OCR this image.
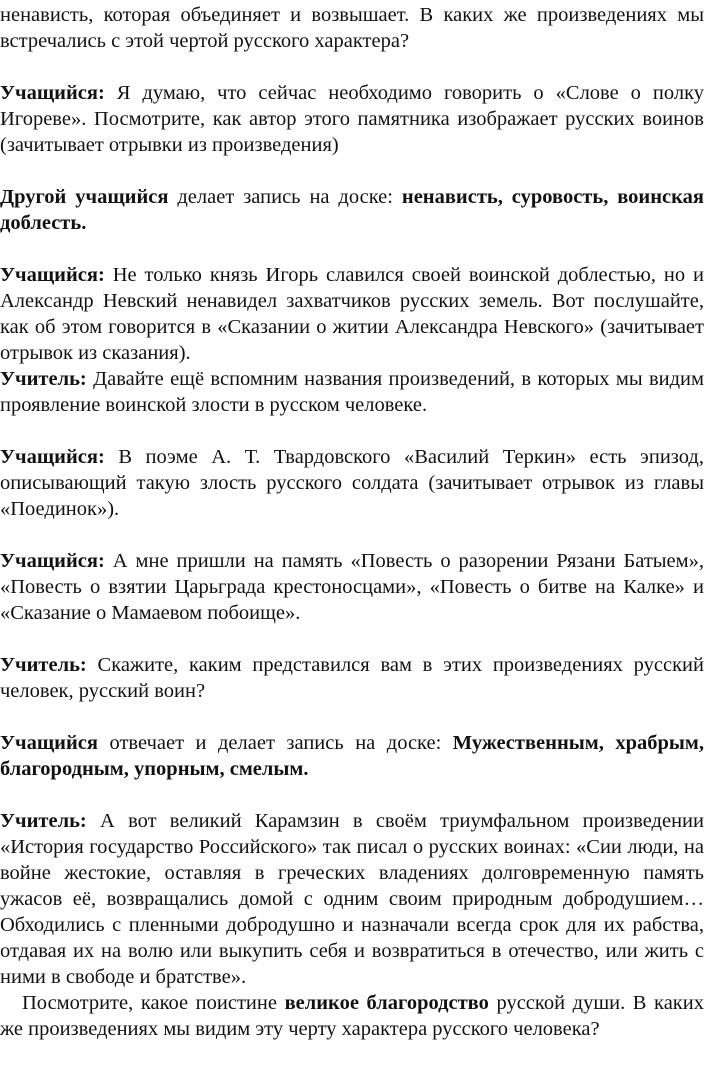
ненависть, которая объединяет и возвышает. В каких же произведениях мы встречались с этой чертой русского характера?

Учащийся: Я думаю, что сейчас необходимо говорить о «Слове о полку Игореве». Посмотрите, как автор этого памятника изображает русских воинов (зачитывает отрывки из произведения)

Другой учащийся делает запись на доске: ненависть, суровость, воинская доблесть.

Учащийся: Не только князь Игорь славился своей воинской доблестью, но и Александр Невский ненавидел захватчиков русских земель. Вот послушайте, как об этом говорится в «Сказании о житии Александра Невского» (зачитывает отрывок из сказания).

Учитель: Давайте ещё вспомним названия произведений, в которых мы видим проявление воинской злости в русском человеке.

Учащийся: В поэме А. Т. Твардовского «Василий Теркин» есть эпизод, описывающий такую злость русского солдата (зачитывает отрывок из главы «Поединок»).

Учащийся: А мне пришли на память «Повесть о разорении Рязани Батыем», «Повесть о взятии Царьграда крестоносцами», «Повесть о битве на Калке» и «Сказание о Мамаевом побоище».

Учитель: Скажите, каким представился вам в этих произведениях русский человек, русский воин?

Учащийся отвечает и делает запись на доске: Мужественным, храбрым, благородным, упорным, смелым.

Учитель: А вот великий Карамзин в своём триумфальном произведении «История государство Российского» так писал о русских воинах: «Сии люди, на войне жестокие, оставляя в греческих владениях долговременную память ужасов её, возвращались домой с одним своим природным добродушием… Обходились с пленными добродушно и назначали всегда срок для их рабства, отдавая их на волю или выкупить себя и возвратиться в отечество, или жить с ними в свободе и братстве».

Посмотрите, какое поистине великое благородство русской души. В каких же произведениях мы видим эту черту характера русского человека?
